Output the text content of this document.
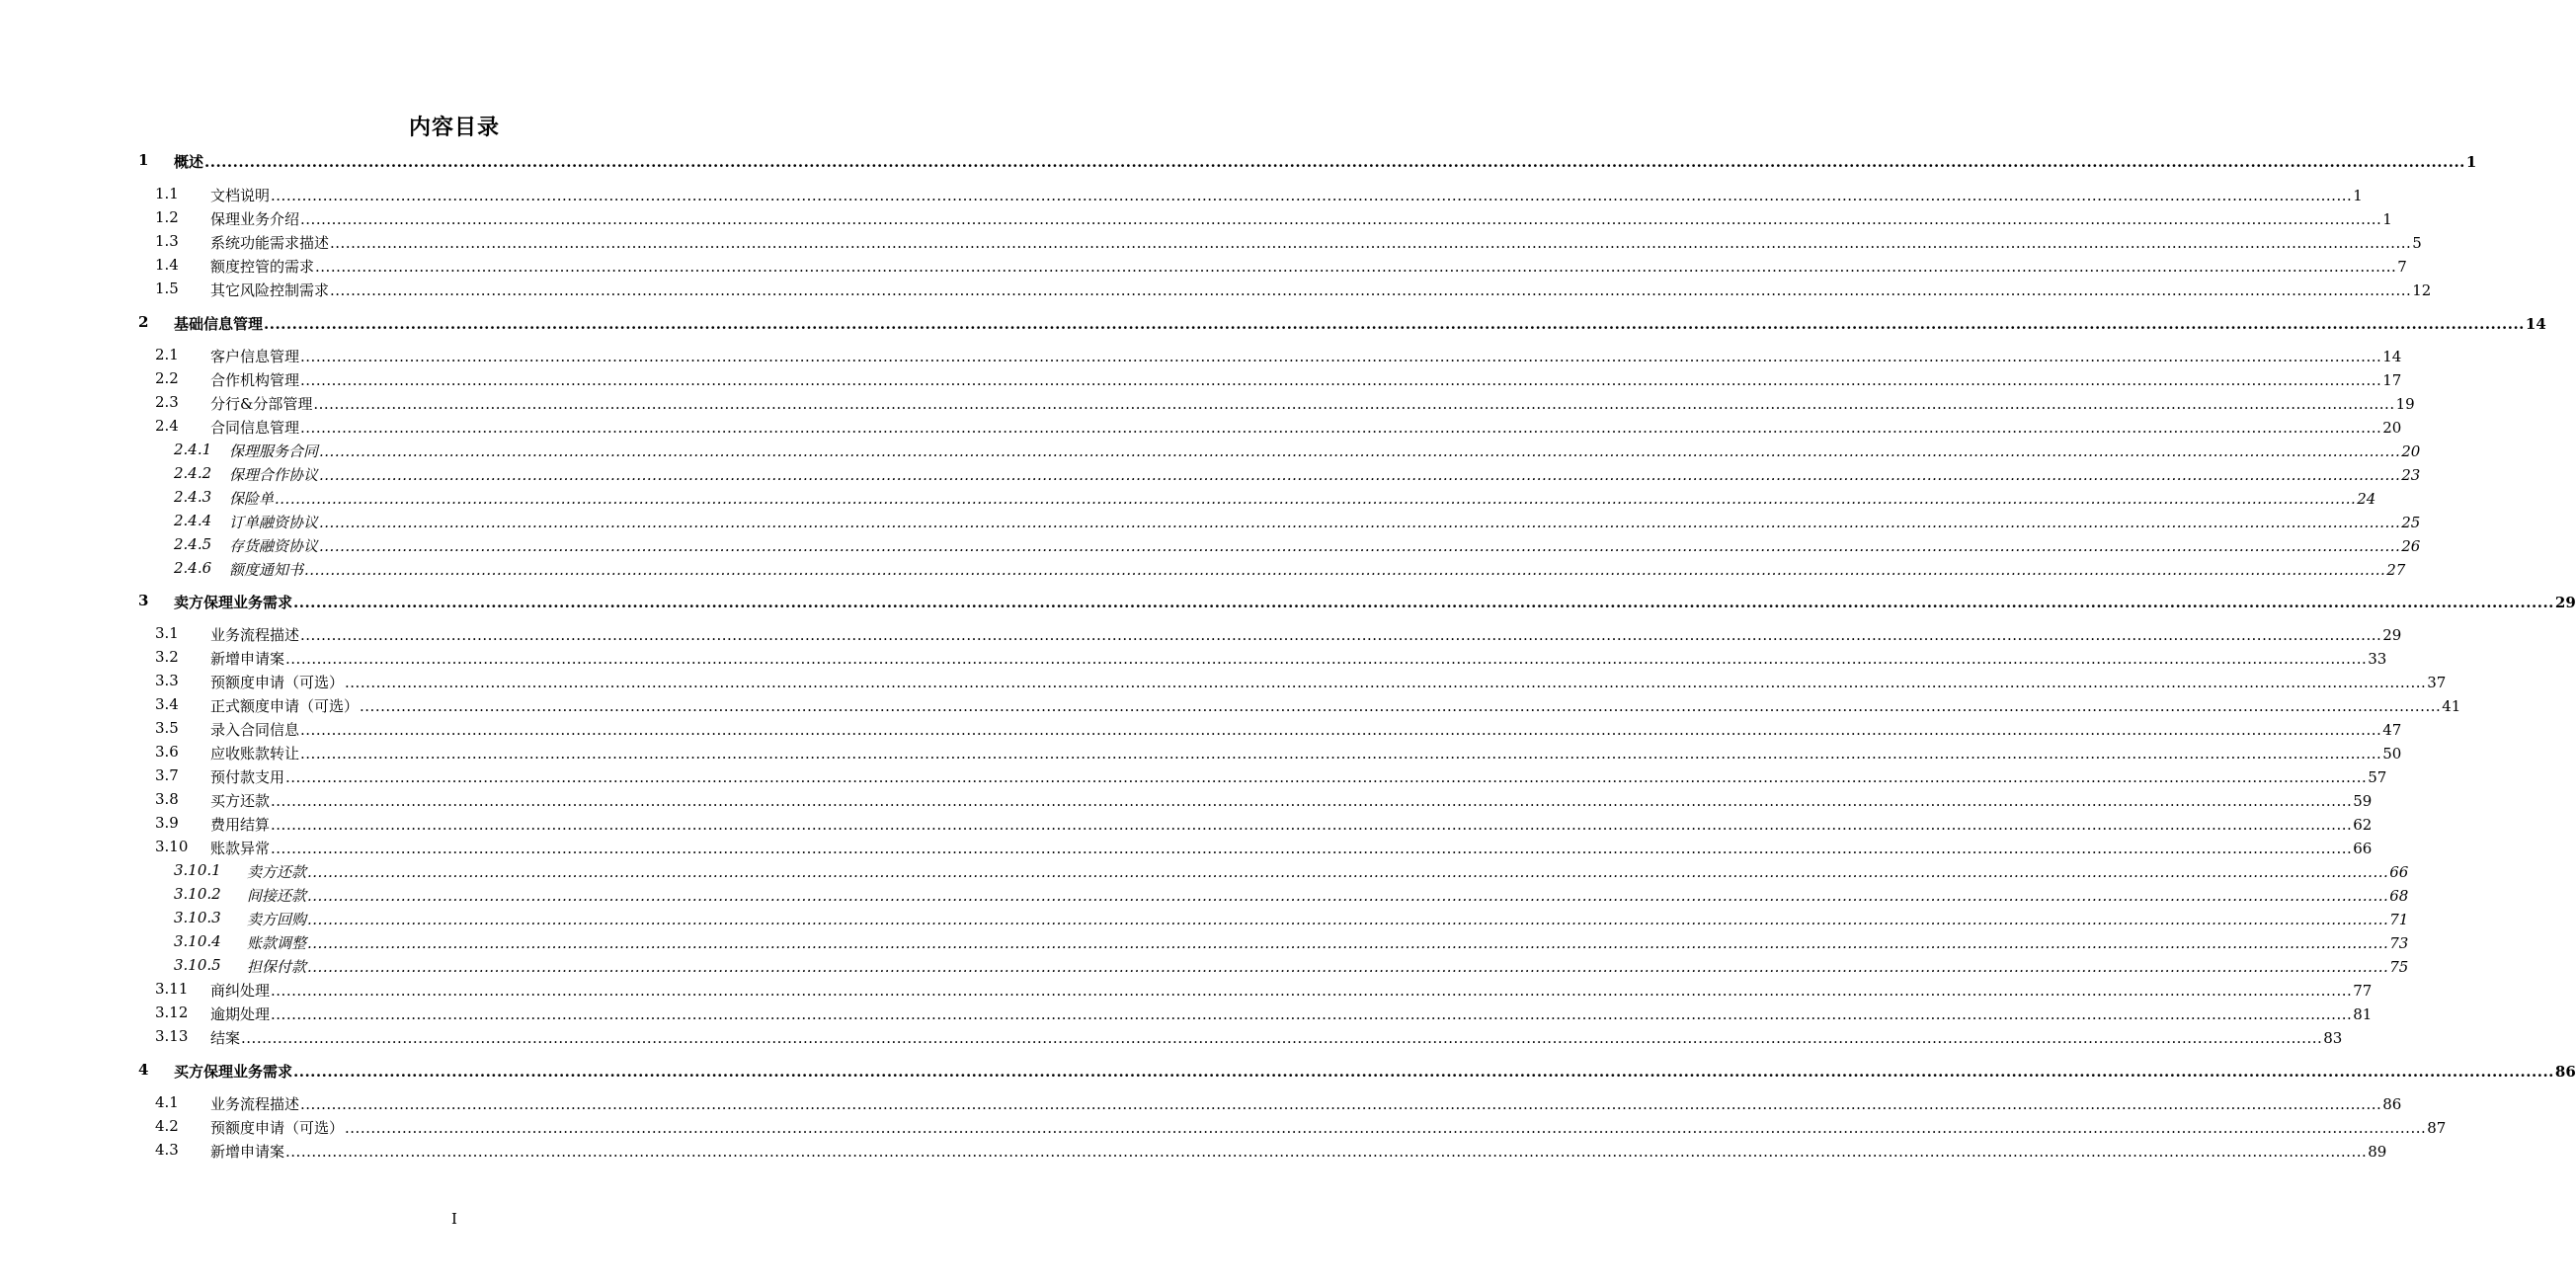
内容目录
1 概述 ................................................................................................................................................................................................................................................................................................................................................................................................................ 1
1.1 文档说明 ................................................................................................................................................................................................................................................................................................................................................................................................................ 1
1.2 保理业务介绍 ................................................................................................................................................................................................................................................................................................................................................................................................................ 1
1.3 系统功能需求描述 ................................................................................................................................................................................................................................................................................................................................................................................................................ 5
1.4 额度控管的需求 ................................................................................................................................................................................................................................................................................................................................................................................................................ 7
1.5 其它风险控制需求 ................................................................................................................................................................................................................................................................................................................................................................................................................ 12
2 基础信息管理 ................................................................................................................................................................................................................................................................................................................................................................................................................ 14
2.1 客户信息管理 ................................................................................................................................................................................................................................................................................................................................................................................................................ 14
2.2 合作机构管理 ................................................................................................................................................................................................................................................................................................................................................................................................................ 17
2.3 分行&分部管理 ................................................................................................................................................................................................................................................................................................................................................................................................................ 19
2.4 合同信息管理 ................................................................................................................................................................................................................................................................................................................................................................................................................ 20
2.4.1 保理服务合同 ................................................................................................................................................................................................................................................................................................................................................................................................................ 20
2.4.2 保理合作协议 ................................................................................................................................................................................................................................................................................................................................................................................................................ 23
2.4.3 保险单 ................................................................................................................................................................................................................................................................................................................................................................................................................ 24
2.4.4 订单融资协议 ................................................................................................................................................................................................................................................................................................................................................................................................................ 25
2.4.5 存货融资协议 ................................................................................................................................................................................................................................................................................................................................................................................................................ 26
2.4.6 额度通知书 ................................................................................................................................................................................................................................................................................................................................................................................................................ 27
3 卖方保理业务需求 ................................................................................................................................................................................................................................................................................................................................................................................................................ 29
3.1 业务流程描述 ................................................................................................................................................................................................................................................................................................................................................................................................................ 29
3.2 新增申请案 ................................................................................................................................................................................................................................................................................................................................................................................................................ 33
3.3 预额度申请（可选） ................................................................................................................................................................................................................................................................................................................................................................................................................ 37
3.4 正式额度申请（可选） ................................................................................................................................................................................................................................................................................................................................................................................................................ 41
3.5 录入合同信息 ................................................................................................................................................................................................................................................................................................................................................................................................................ 47
3.6 应收账款转让 ................................................................................................................................................................................................................................................................................................................................................................................................................ 50
3.7 预付款支用 ................................................................................................................................................................................................................................................................................................................................................................................................................ 57
3.8 买方还款 ................................................................................................................................................................................................................................................................................................................................................................................................................ 59
3.9 费用结算 ................................................................................................................................................................................................................................................................................................................................................................................................................ 62
3.10 账款异常 ................................................................................................................................................................................................................................................................................................................................................................................................................ 66
3.10.1 卖方还款 ................................................................................................................................................................................................................................................................................................................................................................................................................ 66
3.10.2 间接还款 ................................................................................................................................................................................................................................................................................................................................................................................................................ 68
3.10.3 卖方回购 ................................................................................................................................................................................................................................................................................................................................................................................................................ 71
3.10.4 账款调整 ................................................................................................................................................................................................................................................................................................................................................................................................................ 73
3.10.5 担保付款 ................................................................................................................................................................................................................................................................................................................................................................................................................ 75
3.11 商纠处理 ................................................................................................................................................................................................................................................................................................................................................................................................................ 77
3.12 逾期处理 ................................................................................................................................................................................................................................................................................................................................................................................................................ 81
3.13 结案 ................................................................................................................................................................................................................................................................................................................................................................................................................ 83
4 买方保理业务需求 ................................................................................................................................................................................................................................................................................................................................................................................................................ 86
4.1 业务流程描述 ................................................................................................................................................................................................................................................................................................................................................................................................................ 86
4.2 预额度申请（可选） ................................................................................................................................................................................................................................................................................................................................................................................................................ 87
4.3 新增申请案 ................................................................................................................................................................................................................................................................................................................................................................................................................ 89
I
